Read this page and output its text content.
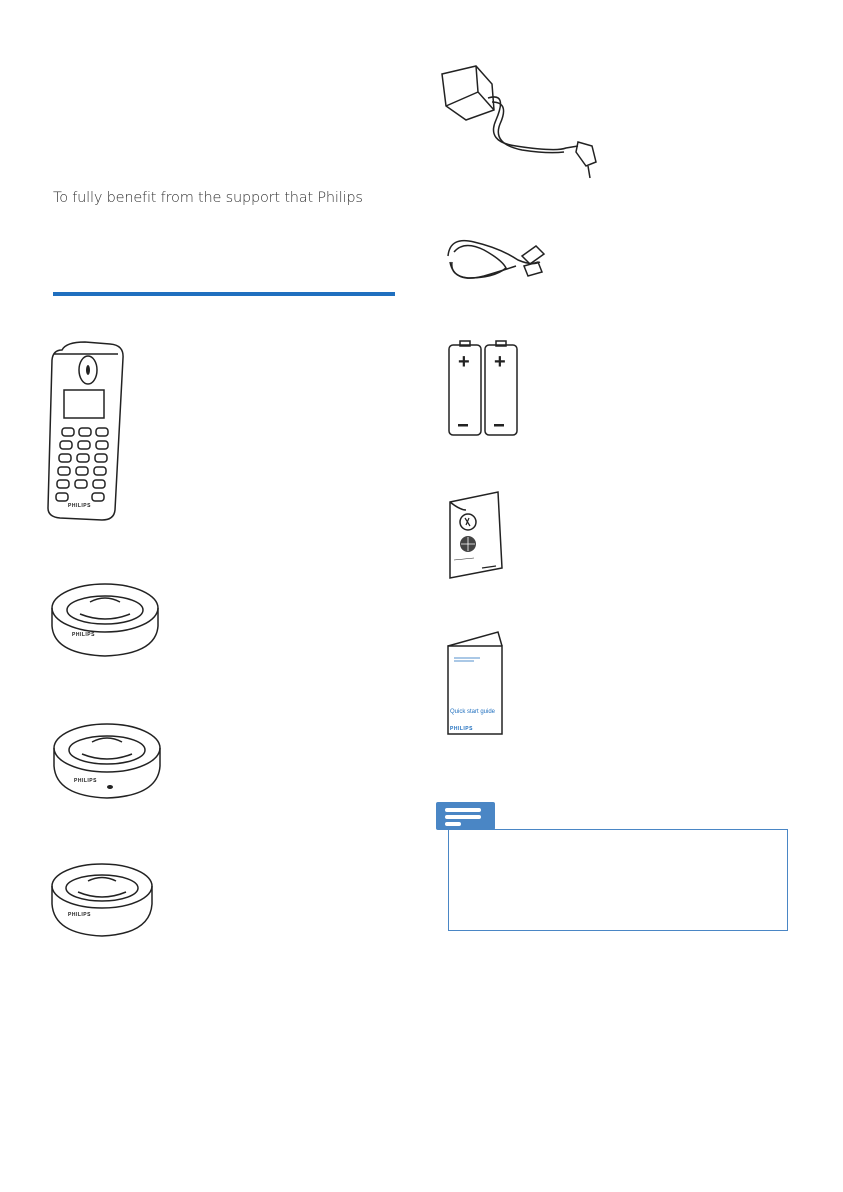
To fully benefit from the support that Philips
PHILIPS
PHILIPS
PHILIPS
PHILIPS
+ +
Quick start guide
PHILIPS
